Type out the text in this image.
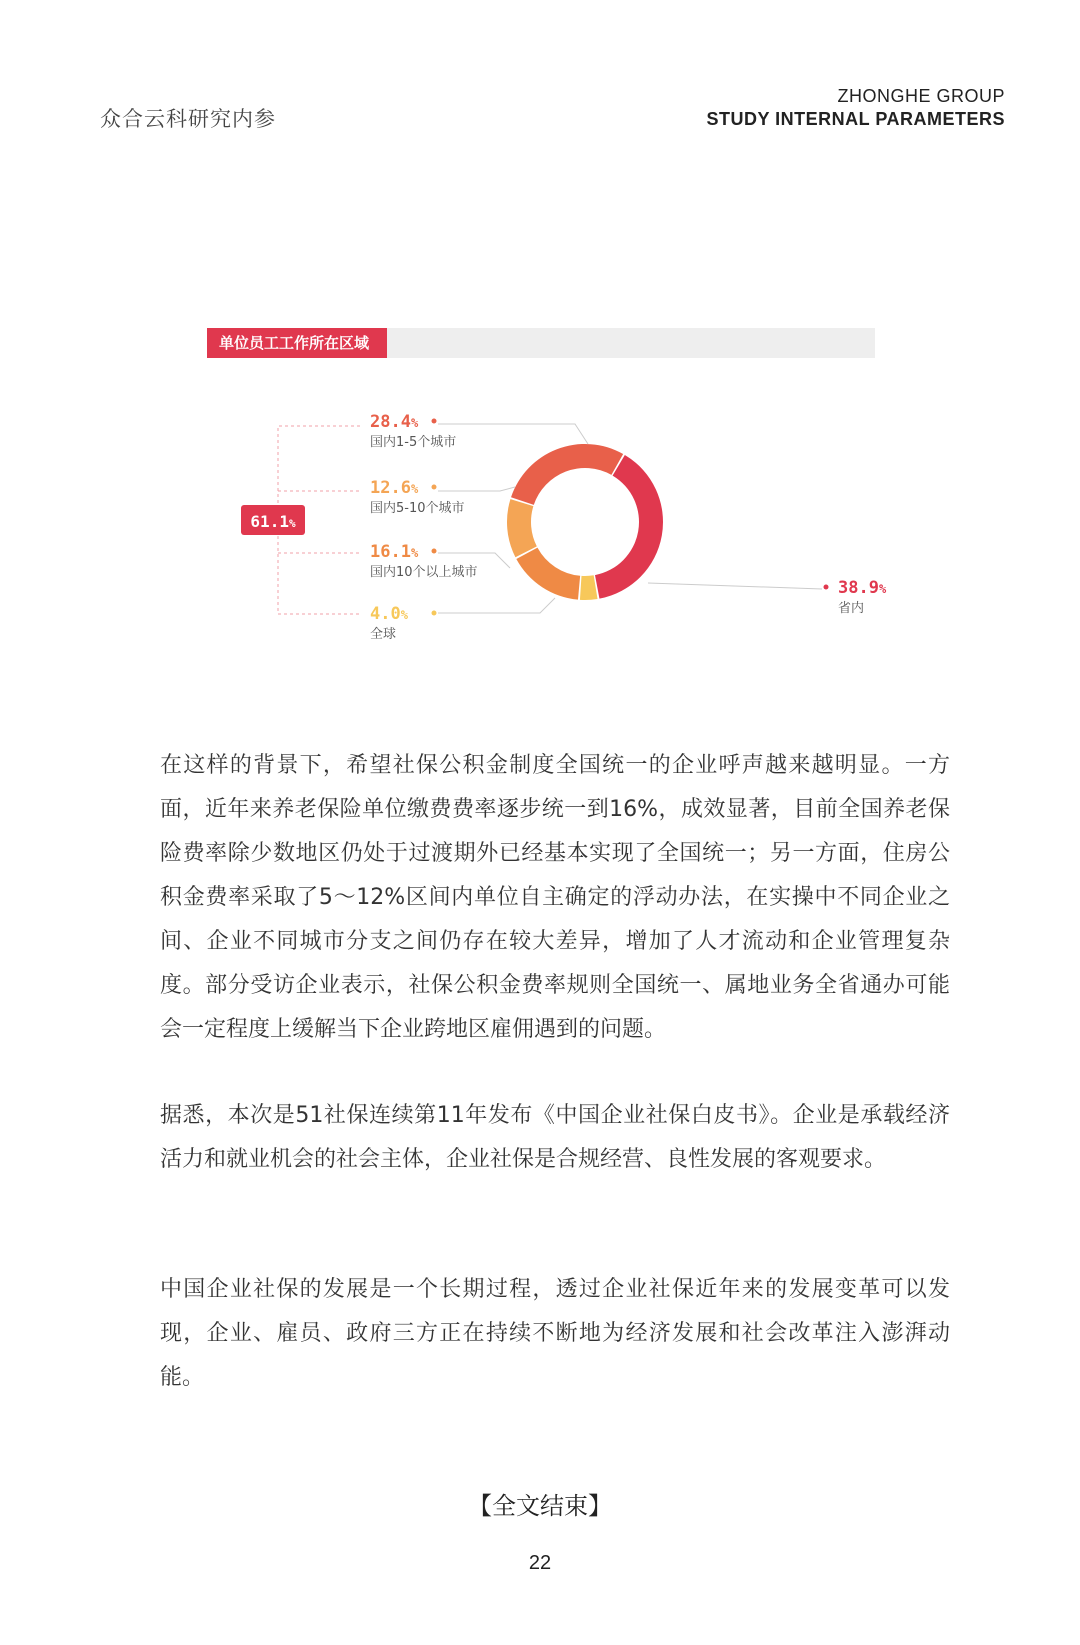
众合云科研究内参
ZHONGHE GROUP
STUDY INTERNAL PARAMETERS
单位员工工作所在区域
38.9%
省内
4.0%
全球
16.1%
国内10个以上城市
12.6%
国内5-10个城市
28.4%
国内1-5个城市
61.1%

在这样的背景下，希望社保公积金制度全国统一的企业呼声越来越明显。一方面，近年来养老保险单位缴费费率逐步统一到16%，成效显著，目前全国养老保险费率除少数地区仍处于过渡期外已经基本实现了全国统一；另一方面，住房公积金费率采取了5～12%区间内单位自主确定的浮动办法，在实操中不同企业之间、企业不同城市分支之间仍存在较大差异，增加了人才流动和企业管理复杂度。部分受访企业表示，社保公积金费率规则全国统一、属地业务全省通办可能会一定程度上缓解当下企业跨地区雇佣遇到的问题。

据悉，本次是51社保连续第11年发布《中国企业社保白皮书》。企业是承载经济活力和就业机会的社会主体，企业社保是合规经营、良性发展的客观要求。

中国企业社保的发展是一个长期过程，透过企业社保近年来的发展变革可以发现，企业、雇员、政府三方正在持续不断地为经济发展和社会改革注入澎湃动能。

【全文结束】
22
